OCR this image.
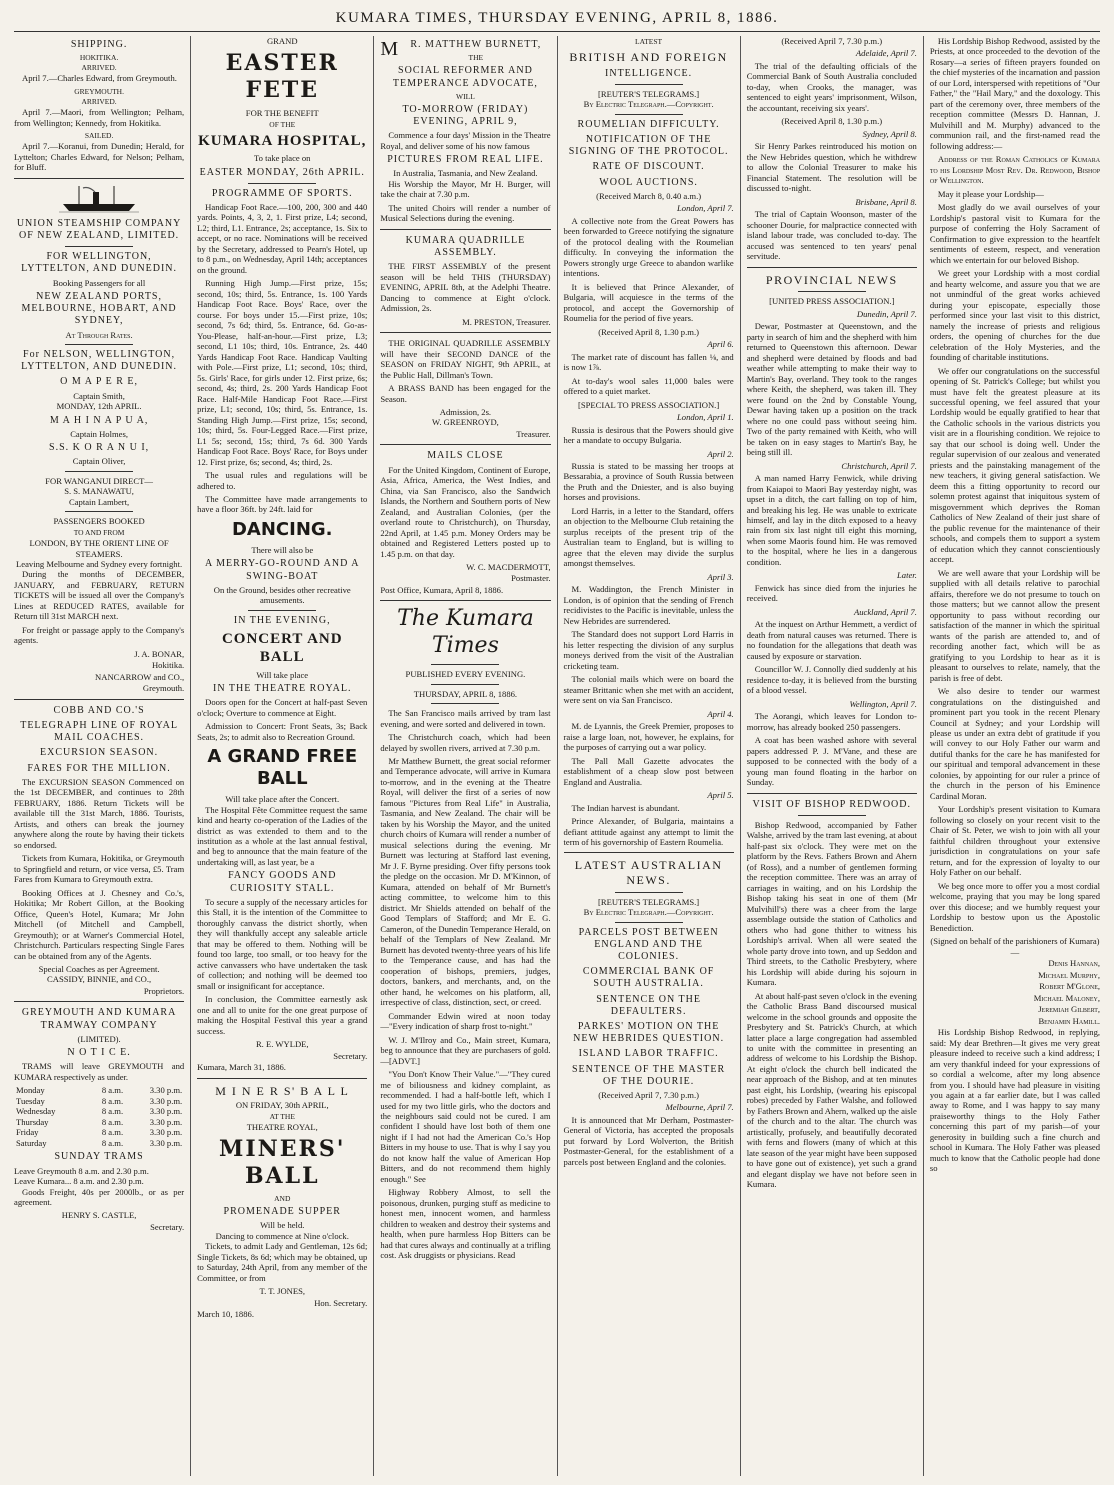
KUMARA TIMES, THURSDAY EVENING, APRIL 8, 1886.
SHIPPING.
HOKITIKA.
ARRIVED.

April 7.—Charles Edward, from Greymouth.

GREYMOUTH.
ARRIVED.

April 7.—Maori, from Wellington; Pelham, from Wellington; Kennedy, from Hokitika.

SAILED.

April 7.—Koranui, from Dunedin; Herald, for Lyttelton; Charles Edward, for Nelson; Pelham, for Bluff.

UNION STEAMSHIP COMPANY OF NEW ZEALAND, LIMITED.
FOR WELLINGTON, LYTTELTON, AND DUNEDIN.
Booking Passengers for all
NEW ZEALAND PORTS, MELBOURNE, HOBART, AND SYDNEY,
At Through Rates.
For NELSON, WELLINGTON, LYTTELTON, AND DUNEDIN.
O M A P E R E,
Captain Smith,
MONDAY, 12th APRIL.
M A H I N A P U A,
Captain Holmes,
S.S. K O R A N U I,
Captain Oliver,
FOR WANGANUI DIRECT—
S. S. MANAWATU,
Captain Lambert,
PASSENGERS BOOKED
TO AND FROM
LONDON, BY THE ORIENT LINE OF STEAMERS.
Leaving Melbourne and Sydney every fortnight.

During the months of DECEMBER, JANUARY, and FEBRUARY, RETURN TICKETS will be issued all over the Company's Lines at REDUCED RATES, available for Return till 31st MARCH next.

For freight or passage apply to the Company's agents.

J. A. BONAR,
Hokitika.
NANCARROW and CO.,
Greymouth.
COBB AND CO.'S
TELEGRAPH LINE OF ROYAL MAIL COACHES.
EXCURSION SEASON.
FARES FOR THE MILLION.

The EXCURSION SEASON Commenced on the 1st DECEMBER, and continues to 28th FEBRUARY, 1886. Return Tickets will be available till the 31st March, 1886. Tourists, Artists, and others can break the journey anywhere along the route by having their tickets so endorsed.

Tickets from Kumara, Hokitika, or Greymouth to Springfield and return, or vice versa, £5. Tram Fares from Kumara to Greymouth extra.

Booking Offices at J. Chesney and Co.'s, Hokitika; Mr Robert Gillon, at the Booking Office, Queen's Hotel, Kumara; Mr John Mitchell (of Mitchell and Campbell, Greymouth); or at Warner's Commercial Hotel, Christchurch. Particulars respecting Single Fares can be obtained from any of the Agents.

Special Coaches as per Agreement.
CASSIDY, BINNIE, and CO.,
Proprietors.
GREYMOUTH AND KUMARA TRAMWAY COMPANY
(LIMITED).
N O T I C E.

TRAMS will leave GREYMOUTH and KUMARA respectively as under.

Monday	8 a.m.	3.30 p.m.
Tuesday	8 a.m.	3.30 p.m.
Wednesday	8 a.m.	3.30 p.m.
Thursday	8 a.m.	3.30 p.m.
Friday	8 a.m.	3.30 p.m.
Saturday	8 a.m.	3.30 p.m.
SUNDAY TRAMS
Leave Greymouth 8 a.m. and 2.30 p.m.
Leave Kumara... 8 a.m. and 2.30 p.m.

Goods Freight, 40s per 2000lb., or as per agreement.

HENRY S. CASTLE,
Secretary.
GRAND
EASTER FETE
FOR THE BENEFIT
OF THE
KUMARA HOSPITAL,
To take place on
EASTER MONDAY, 26th APRIL.
PROGRAMME OF SPORTS.

Handicap Foot Race.—100, 200, 300 and 440 yards. Points, 4, 3, 2, 1. First prize, L4; second, L2; third, L1. Entrance, 2s; acceptance, 1s. Six to accept, or no race. Nominations will be received by the Secretary, addressed to Pearn's Hotel, up to 8 p.m., on Wednesday, April 14th; acceptances on the ground.

Running High Jump.—First prize, 15s; second, 10s; third, 5s. Entrance, 1s. 100 Yards Handicap Foot Race. Boys' Race, over the course. For boys under 15.—First prize, 10s; second, 7s 6d; third, 5s. Entrance, 6d. Go-as-You-Please, half-an-hour.—First prize, L3; second, L1 10s; third, 10s. Entrance, 2s. 440 Yards Handicap Foot Race. Handicap Vaulting with Pole.—First prize, L1; second, 10s; third, 5s. Girls' Race, for girls under 12. First prize, 6s; second, 4s; third, 2s. 200 Yards Handicap Foot Race. Half-Mile Handicap Foot Race.—First prize, L1; second, 10s; third, 5s. Entrance, 1s. Standing High Jump.—First prize, 15s; second, 10s; third, 5s. Four-Legged Race.—First prize, L1 5s; second, 15s; third, 7s 6d. 300 Yards Handicap Foot Race. Boys' Race, for Boys under 12. First prize, 6s; second, 4s; third, 2s.

The usual rules and regulations will be adhered to.

The Committee have made arrangements to have a floor 36ft. by 24ft. laid for

DANCING.
There will also be
A MERRY-GO-ROUND AND A SWING-BOAT
On the Ground, besides other recreative amusements.
IN THE EVENING,
CONCERT AND BALL
Will take place
IN THE THEATRE ROYAL.

Doors open for the Concert at half-past Seven o'clock; Overture to commence at Eight.

Admission to Concert: Front Seats, 3s; Back Seats, 2s; to admit also to Recreation Ground.

A GRAND FREE BALL
Will take place after the Concert.

The Hospital Fête Committee request the same kind and hearty co-operation of the Ladies of the district as was extended to them and to the institution as a whole at the last annual festival, and beg to announce that the main feature of the undertaking will, as last year, be a

FANCY GOODS AND CURIOSITY STALL.

To secure a supply of the necessary articles for this Stall, it is the intention of the Committee to thoroughly canvass the district shortly, when they will thankfully accept any saleable article that may be offered to them. Nothing will be found too large, too small, or too heavy for the active canvassers who have undertaken the task of collection; and nothing will be deemed too small or insignificant for acceptance.

In conclusion, the Committee earnestly ask one and all to unite for the one great purpose of making the Hospital Festival this year a grand success.

R. E. WYLDE,
Secretary.
Kumara, March 31, 1886.
M I N E R S' B A L L
ON FRIDAY, 30th APRIL,
AT THE
THEATRE ROYAL,
MINERS' BALL
AND
PROMENADE SUPPER
Will be held.
Dancing to commence at Nine o'clock.

Tickets, to admit Lady and Gentleman, 12s 6d; Single Tickets, 8s 6d; which may be obtained, up to Saturday, 24th April, from any member of the Committee, or from

T. T. JONES,
Hon. Secretary.
March 10, 1886.
MR. MATTHEW BURNETT,
THE
SOCIAL REFORMER AND TEMPERANCE ADVOCATE,
WILL
TO-MORROW (FRIDAY) EVENING, APRIL 9,

Commence a four days' Mission in the Theatre Royal, and deliver some of his now famous

PICTURES FROM REAL LIFE.
In Australia, Tasmania, and New Zealand.

His Worship the Mayor, Mr H. Burger, will take the chair at 7.30 p.m.

The united Choirs will render a number of Musical Selections during the evening.

KUMARA QUADRILLE ASSEMBLY.

THE FIRST ASSEMBLY of the present season will be held THIS (THURSDAY) EVENING, APRIL 8th, at the Adelphi Theatre. Dancing to commence at Eight o'clock. Admission, 2s.

M. PRESTON, Treasurer.

THE ORIGINAL QUADRILLE ASSEMBLY will have their SECOND DANCE of the SEASON on FRIDAY NIGHT, 9th APRIL, at the Public Hall, Dillman's Town.

A BRASS BAND has been engaged for the Season.

Admission, 2s.
W. GREENROYD,
Treasurer.
MAILS CLOSE

For the United Kingdom, Continent of Europe, Asia, Africa, America, the West Indies, and China, via San Francisco, also the Sandwich Islands, the Northern and Southern ports of New Zealand, and Australian Colonies, (per the overland route to Christchurch), on Thursday, 22nd April, at 1.45 p.m. Money Orders may be obtained and Registered Letters posted up to 1.45 p.m. on that day.

W. C. MACDERMOTT,
Postmaster.
Post Office, Kumara, April 8, 1886.
The Kumara Times
PUBLISHED EVERY EVENING.
THURSDAY, APRIL 8, 1886.

The San Francisco mails arrived by tram last evening, and were sorted and delivered in town.

The Christchurch coach, which had been delayed by swollen rivers, arrived at 7.30 p.m.

Mr Matthew Burnett, the great social reformer and Temperance advocate, will arrive in Kumara to-morrow, and in the evening at the Theatre Royal, will deliver the first of a series of now famous "Pictures from Real Life" in Australia, Tasmania, and New Zealand. The chair will be taken by his Worship the Mayor, and the united church choirs of Kumara will render a number of musical selections during the evening. Mr Burnett was lecturing at Stafford last evening, Mr J. F. Byrne presiding. Over fifty persons took the pledge on the occasion. Mr D. M'Kinnon, of Kumara, attended on behalf of Mr Burnett's acting committee, to welcome him to this district. Mr Shields attended on behalf of the Good Templars of Stafford; and Mr E. G. Cameron, of the Dunedin Temperance Herald, on behalf of the Templars of New Zealand. Mr Burnett has devoted twenty-three years of his life to the Temperance cause, and has had the cooperation of bishops, premiers, judges, doctors, bankers, and merchants, and, on the other hand, he welcomes on his platform, all, irrespective of class, distinction, sect, or creed.

Commander Edwin wired at noon today—"Every indication of sharp frost to-night."

W. J. M'Ilroy and Co., Main street, Kumara, beg to announce that they are purchasers of gold.—[ADVT.]

"You Don't Know Their Value."—"They cured me of biliousness and kidney complaint, as recommended. I had a half-bottle left, which I used for my two little girls, who the doctors and the neighbours said could not be cured. I am confident I should have lost both of them one night if I had not had the American Co.'s Hop Bitters in my house to use. That is why I say you do not know half the value of American Hop Bitters, and do not recommend them highly enough." See

Highway Robbery Almost, to sell the poisonous, drunken, purging stuff as medicine to honest men, innocent women, and harmless children to weaken and destroy their systems and health, when pure harmless Hop Bitters can be had that cures always and continually at a trifling cost. Ask druggists or physicians. Read

LATEST
BRITISH AND FOREIGN
INTELLIGENCE.
[REUTER'S TELEGRAMS.]
By Electric Telegraph.—Copyright.
ROUMELIAN DIFFICULTY.
NOTIFICATION OF THE SIGNING OF THE PROTOCOL.
RATE OF DISCOUNT.
WOOL AUCTIONS.
(Received March 8, 0.40 a.m.)
London, April 7.

A collective note from the Great Powers has been forwarded to Greece notifying the signature of the protocol dealing with the Roumelian difficulty. In conveying the information the Powers strongly urge Greece to abandon warlike intentions.

It is believed that Prince Alexander, of Bulgaria, will acquiesce in the terms of the protocol, and accept the Governorship of Roumelia for the period of five years.

(Received April 8, 1.30 p.m.)
April 6.

The market rate of discount has fallen ⅛, and is now 1⅞.

At to-day's wool sales 11,000 bales were offered to a quiet market.

[SPECIAL TO PRESS ASSOCIATION.]
London, April 1.

Russia is desirous that the Powers should give her a mandate to occupy Bulgaria.

April 2.

Russia is stated to be massing her troops at Bessarabia, a province of South Russia between the Pruth and the Dniester, and is also buying horses and provisions.

Lord Harris, in a letter to the Standard, offers an objection to the Melbourne Club retaining the surplus receipts of the present trip of the Australian team to England, but is willing to agree that the eleven may divide the surplus amongst themselves.

April 3.

M. Waddington, the French Minister in London, is of opinion that the sending of French recidivistes to the Pacific is inevitable, unless the New Hebrides are surrendered.

The Standard does not support Lord Harris in his letter respecting the division of any surplus moneys derived from the visit of the Australian cricketing team.

The colonial mails which were on board the steamer Brittanic when she met with an accident, were sent on via San Francisco.

April 4.

M. de Lyannis, the Greek Premier, proposes to raise a large loan, not, however, he explains, for the purposes of carrying out a war policy.

The Pall Mall Gazette advocates the establishment of a cheap slow post between England and Australia.

April 5.

The Indian harvest is abundant.

Prince Alexander, of Bulgaria, maintains a defiant attitude against any attempt to limit the term of his governorship of Eastern Roumelia.

LATEST AUSTRALIAN NEWS.
[REUTER'S TELEGRAMS.]
By Electric Telegraph.—Copyright.
PARCELS POST BETWEEN ENGLAND AND THE COLONIES.
COMMERCIAL BANK OF SOUTH AUSTRALIA.
SENTENCE ON THE DEFAULTERS.
PARKES' MOTION ON THE NEW HEBRIDES QUESTION.
ISLAND LABOR TRAFFIC.
SENTENCE OF THE MASTER OF THE DOURIE.
(Received April 7, 7.30 p.m.)
Melbourne, April 7.

It is announced that Mr Derham, Postmaster-General of Victoria, has accepted the proposals put forward by Lord Wolverton, the British Postmaster-General, for the establishment of a parcels post between England and the colonies.

(Received April 7, 7.30 p.m.)
Adelaide, April 7.

The trial of the defaulting officials of the Commercial Bank of South Australia concluded to-day, when Crooks, the manager, was sentenced to eight years' imprisonment, Wilson, the accountant, receiving six years'.

(Received April 8, 1.30 p.m.)
Sydney, April 8.

Sir Henry Parkes reintroduced his motion on the New Hebrides question, which he withdrew to allow the Colonial Treasurer to make his Financial Statement. The resolution will be discussed to-night.

Brisbane, April 8.

The trial of Captain Woonson, master of the schooner Dourie, for malpractice connected with island labour trade, was concluded to-day. The accused was sentenced to ten years' penal servitude.

PROVINCIAL NEWS
[UNITED PRESS ASSOCIATION.]
Dunedin, April 7.

Dewar, Postmaster at Queenstown, and the party in search of him and the shepherd with him returned to Queenstown this afternoon. Dewar and shepherd were detained by floods and bad weather while attempting to make their way to Martin's Bay, overland. They took to the ranges where Keith, the shepherd, was taken ill. They were found on the 2nd by Constable Young, Dewar having taken up a position on the track where no one could pass without seeing him. Two of the party remained with Keith, who will be taken on in easy stages to Martin's Bay, he being still ill.

Christchurch, April 7.

A man named Harry Fenwick, while driving from Kaiapoi to Maori Bay yesterday night, was upset in a ditch, the cart falling on top of him, and breaking his leg. He was unable to extricate himself, and lay in the ditch exposed to a heavy rain from six last night till eight this morning, when some Maoris found him. He was removed to the hospital, where he lies in a dangerous condition.

Later.

Fenwick has since died from the injuries he received.

Auckland, April 7.

At the inquest on Arthur Hemmett, a verdict of death from natural causes was returned. There is no foundation for the allegations that death was caused by exposure or starvation.

Councillor W. J. Connolly died suddenly at his residence to-day, it is believed from the bursting of a blood vessel.

Wellington, April 7.

The Aorangi, which leaves for London to-morrow, has already booked 250 passengers.

A coat has been washed ashore with several papers addressed P. J. M'Vane, and these are supposed to be connected with the body of a young man found floating in the harbor on Sunday.

VISIT OF BISHOP REDWOOD.

Bishop Redwood, accompanied by Father Walshe, arrived by the tram last evening, at about half-past six o'clock. They were met on the platform by the Revs. Fathers Brown and Ahern (of Ross), and a number of gentlemen forming the reception committee. There was an array of carriages in waiting, and on his Lordship the Bishop taking his seat in one of them (Mr Mulvihill's) there was a cheer from the large assemblage outside the station of Catholics and others who had gone thither to witness his Lordship's arrival. When all were seated the whole party drove into town, and up Seddon and Third streets, to the Catholic Presbytery, where his Lordship will abide during his sojourn in Kumara.

At about half-past seven o'clock in the evening the Catholic Brass Band discoursed musical welcome in the school grounds and opposite the Presbytery and St. Patrick's Church, at which latter place a large congregation had assembled to unite with the committee in presenting an address of welcome to his Lordship the Bishop. At eight o'clock the church bell indicated the near approach of the Bishop, and at ten minutes past eight, his Lordship, (wearing his episcopal robes) preceded by Father Walshe, and followed by Fathers Brown and Ahern, walked up the aisle of the church and to the altar. The church was artistically, profusely, and beautifully decorated with ferns and flowers (many of which at this late season of the year might have been supposed to have gone out of existence), yet such a grand and elegant display we have not before seen in Kumara.

His Lordship Bishop Redwood, assisted by the Priests, at once proceeded to the devotion of the Rosary—a series of fifteen prayers founded on the chief mysteries of the incarnation and passion of our Lord, interspersed with repetitions of "Our Father," the "Hail Mary," and the doxology. This part of the ceremony over, three members of the reception committee (Messrs D. Hannan, J. Mulvihill and M. Murphy) advanced to the communion rail, and the first-named read the following address:—

Address of the Roman Catholics of Kumara to his Lordship Most Rev. Dr. Redwood, Bishop of Wellington.

May it please your Lordship—

Most gladly do we avail ourselves of your Lordship's pastoral visit to Kumara for the purpose of conferring the Holy Sacrament of Confirmation to give expression to the heartfelt sentiments of esteem, respect, and veneration which we entertain for our beloved Bishop.

We greet your Lordship with a most cordial and hearty welcome, and assure you that we are not unmindful of the great works achieved during your episcopate, especially those performed since your last visit to this district, namely the increase of priests and religious orders, the opening of churches for the due celebration of the Holy Mysteries, and the founding of charitable institutions.

We offer our congratulations on the successful opening of St. Patrick's College; but whilst you must have felt the greatest pleasure at its successful opening, we feel assured that your Lordship would be equally gratified to hear that the Catholic schools in the various districts you visit are in a flourishing condition. We rejoice to say that our school is doing well. Under the regular supervision of our zealous and venerated priests and the painstaking management of the new teachers, it giving general satisfaction. We deem this a fitting opportunity to record our solemn protest against that iniquitous system of misgovernment which deprives the Roman Catholics of New Zealand of their just share of the public revenue for the maintenance of their schools, and compels them to support a system of education which they cannot conscientiously accept.

We are well aware that your Lordship will be supplied with all details relative to parochial affairs, therefore we do not presume to touch on those matters; but we cannot allow the present opportunity to pass without recording our satisfaction of the manner in which the spiritual wants of the parish are attended to, and of recording another fact, which will be as gratifying to you Lordship to hear as it is pleasant to ourselves to relate, namely, that the parish is free of debt.

We also desire to tender our warmest congratulations on the distinguished and prominent part you took in the recent Plenary Council at Sydney; and your Lordship will please us under an extra debt of gratitude if you will convey to our Holy Father our warm and dutiful thanks for the care he has manifested for our spiritual and temporal advancement in these colonies, by appointing for our ruler a prince of the church in the person of his Eminence Cardinal Moran.

Your Lordship's present visitation to Kumara following so closely on your recent visit to the Chair of St. Peter, we wish to join with all your faithful children throughout your extensive jurisdiction in congratulations on your safe return, and for the expression of loyalty to our Holy Father on our behalf.

We beg once more to offer you a most cordial welcome, praying that you may be long spared over this diocese; and we humbly request your Lordship to bestow upon us the Apostolic Benediction.

(Signed on behalf of the parishioners of Kumara)—
Denis Hannan,
Michael Murphy,
Robert M'Glone,
Michael Maloney,
Jeremiah Gilbert,
Benjamin Hamill.

His Lordship Bishop Redwood, in replying, said: My dear Brethren—It gives me very great pleasure indeed to receive such a kind address; I am very thankful indeed for your expressions of so cordial a welcome, after my long absence from you. I should have had pleasure in visiting you again at a far earlier date, but I was called away to Rome, and I was happy to say many praiseworthy things to the Holy Father concerning this part of my parish—of your generosity in building such a fine church and school in Kumara. The Holy Father was pleased much to know that the Catholic people had done so
